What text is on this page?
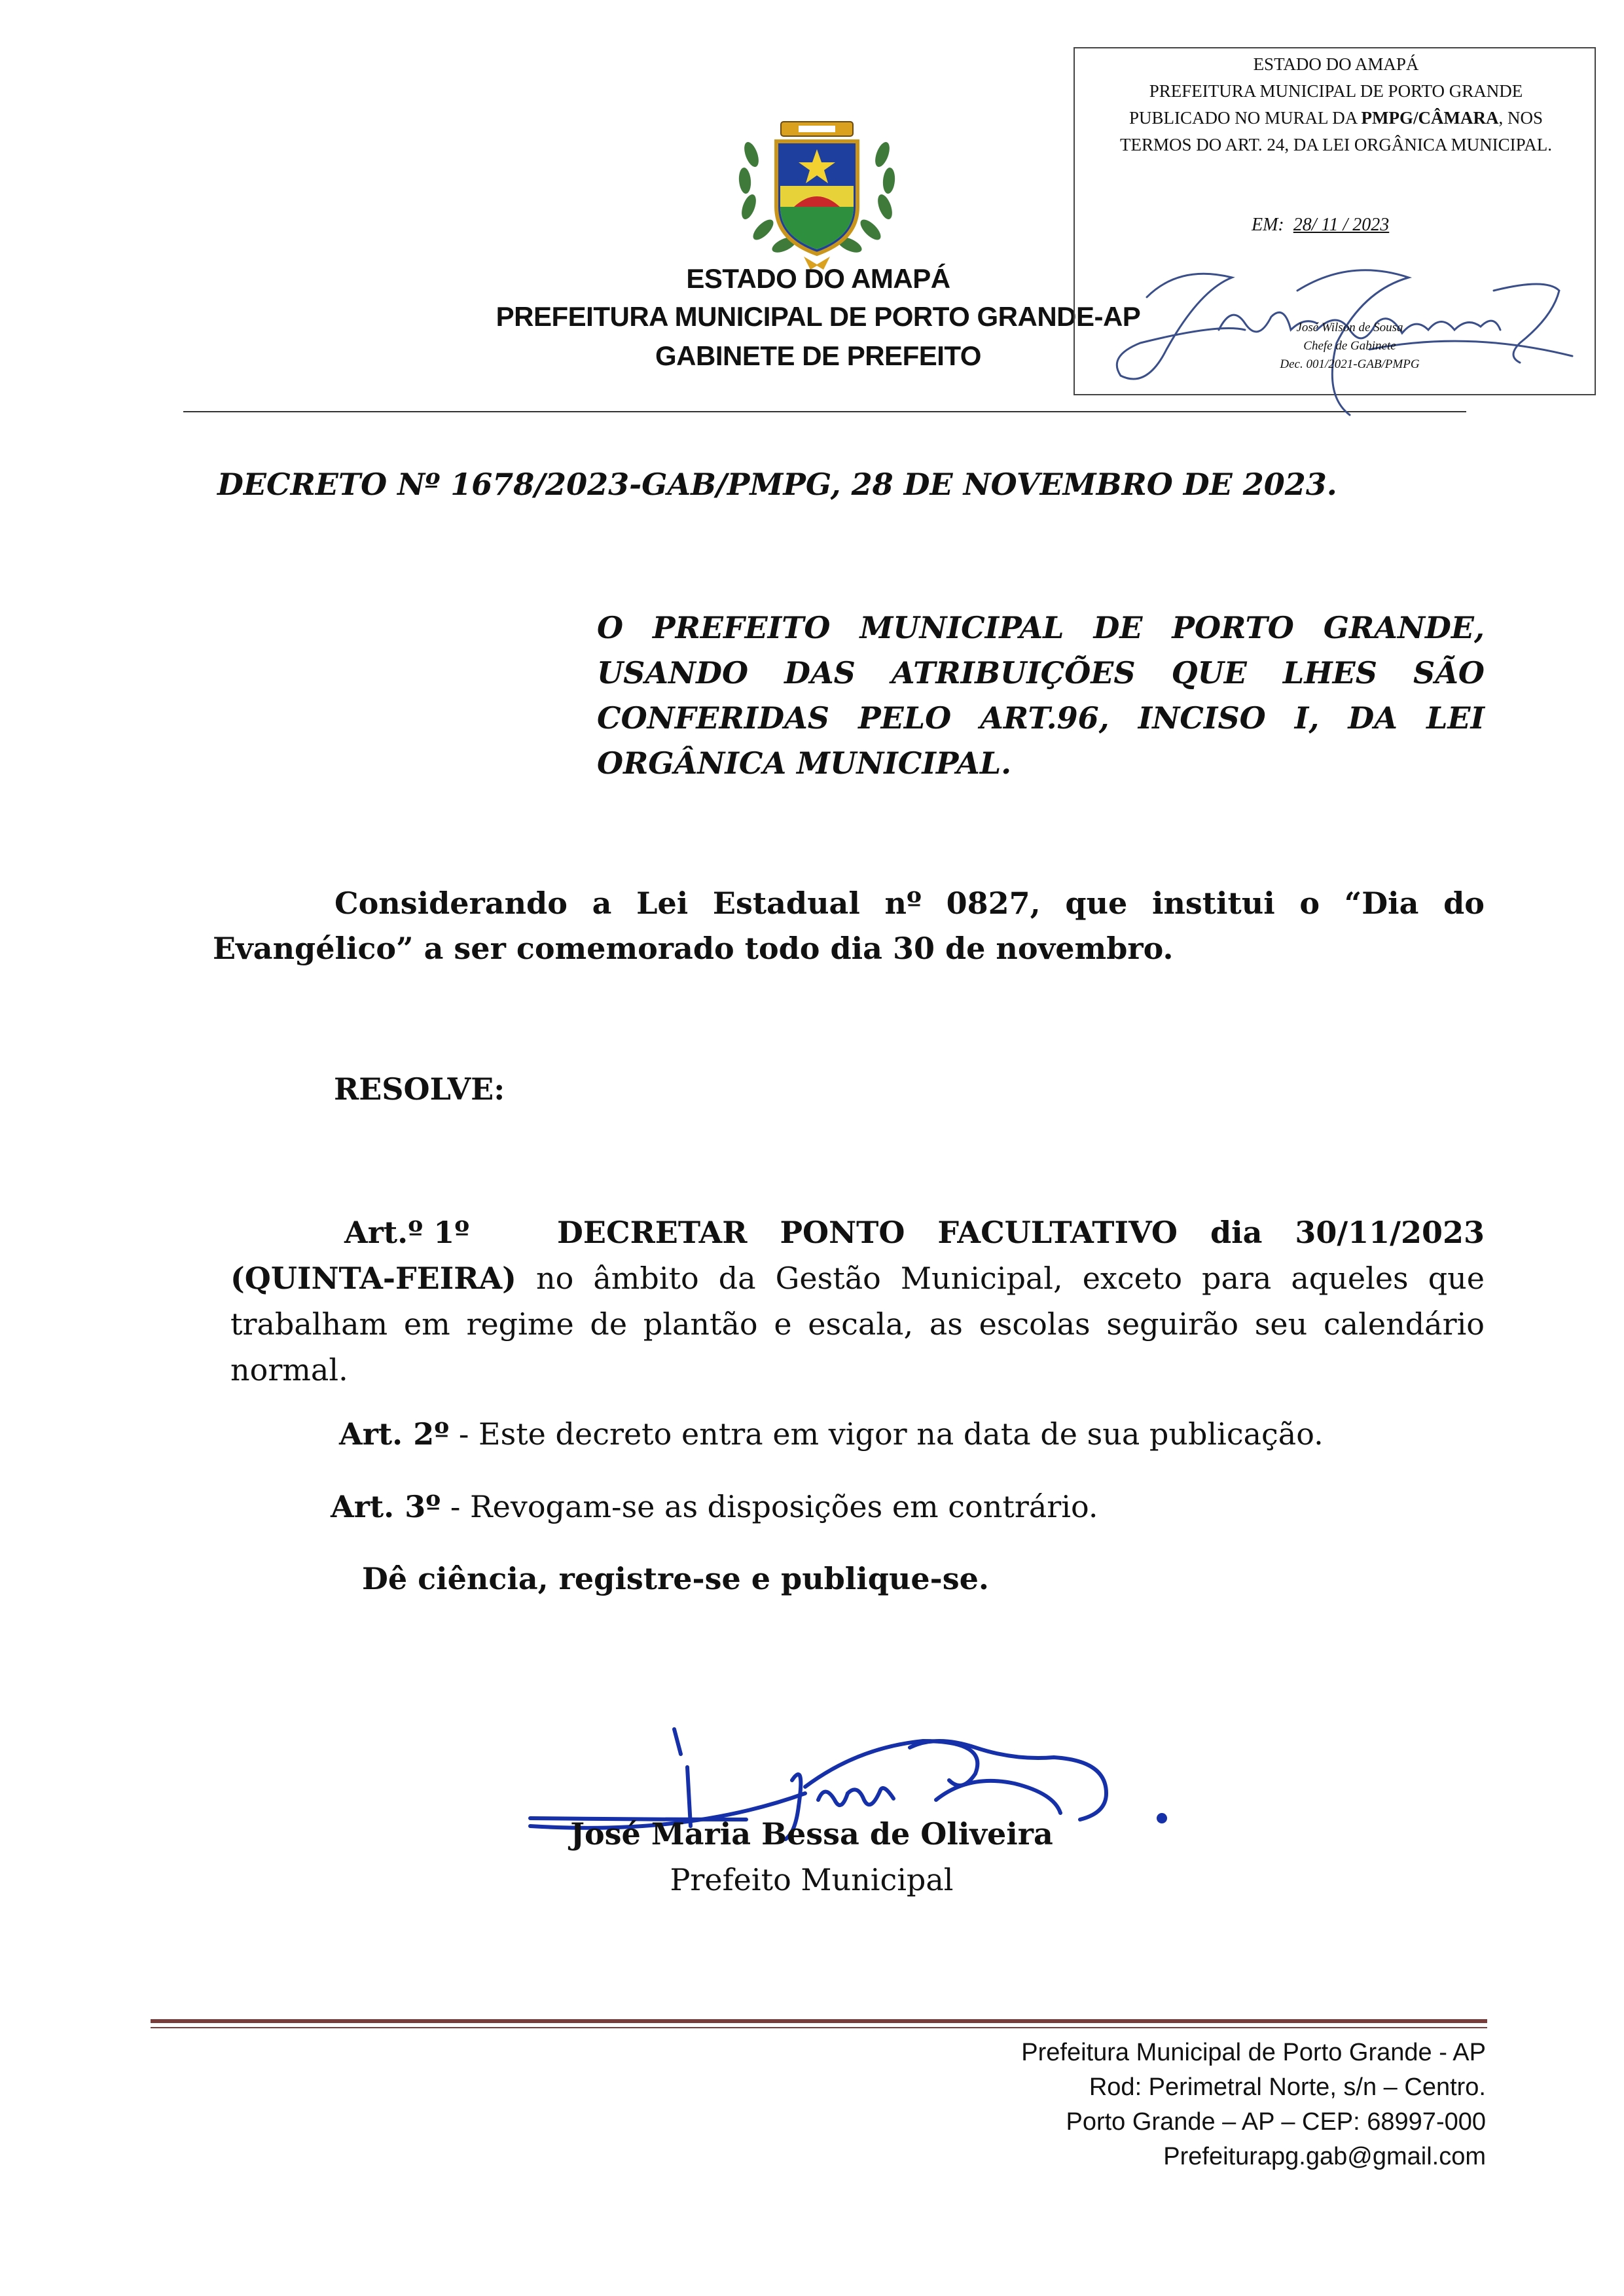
ESTADO DO AMAPÁ
PREFEITURA MUNICIPAL DE PORTO GRANDE-AP
GABINETE DE PREFEITO
ESTADO DO AMAPÁ
PREFEITURA MUNICIPAL DE PORTO GRANDE
PUBLICADO NO MURAL DA PMPG/CÂMARA, NOS
TERMOS DO ART. 24, DA LEI ORGÂNICA MUNICIPAL.
EM: 28/ 11 / 2023
José Wilson de Sousa
Chefe de Gabinete
Dec. 001/2021-GAB/PMPG
DECRETO Nº 1678/2023-GAB/PMPG, 28 DE NOVEMBRO DE 2023.
O PREFEITO MUNICIPAL DE PORTO GRANDE, USANDO DAS ATRIBUIÇÕES QUE LHES SÃO CONFERIDAS PELO ART.96, INCISO I, DA LEI ORGÂNICA MUNICIPAL.
Considerando a Lei Estadual nº 0827, que institui o “Dia do Evangélico” a ser comemorado todo dia 30 de novembro.
RESOLVE:
Art.º 1º	DECRETAR PONTO FACULTATIVO dia 30/11/2023 (QUINTA-FEIRA) no âmbito da Gestão Municipal, exceto para aqueles que trabalham em regime de plantão e escala, as escolas seguirão seu calendário normal.
Art. 2º - Este decreto entra em vigor na data de sua publicação.
Art. 3º - Revogam-se as disposições em contrário.
Dê ciência, registre-se e publique-se.
José Maria Bessa de Oliveira
Prefeito Municipal
Prefeitura Municipal de Porto Grande - AP
Rod: Perimetral Norte, s/n – Centro.
Porto Grande – AP – CEP: 68997-000
Prefeiturapg.gab@gmail.com
